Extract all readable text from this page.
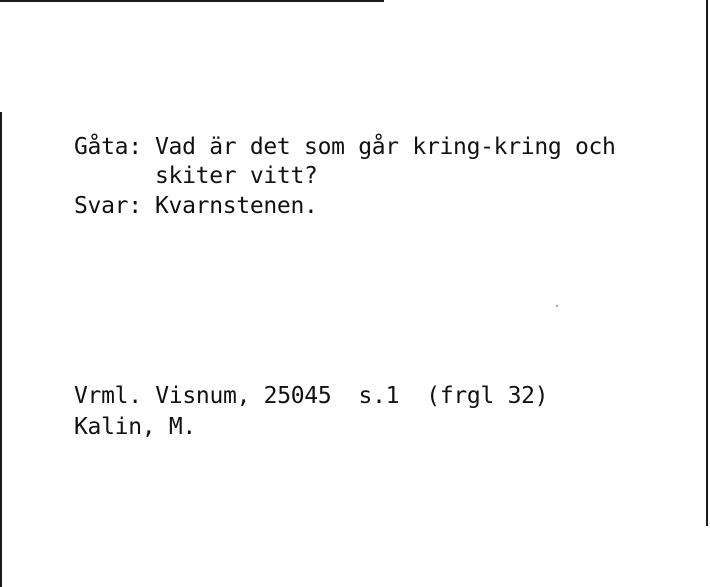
Gåta: Vad är det som går kring-kring och
skiter vitt?
Svar: Kvarnstenen.
Vrml. Visnum, 25045 s.1 (frgl 32)
Kalin, M.
